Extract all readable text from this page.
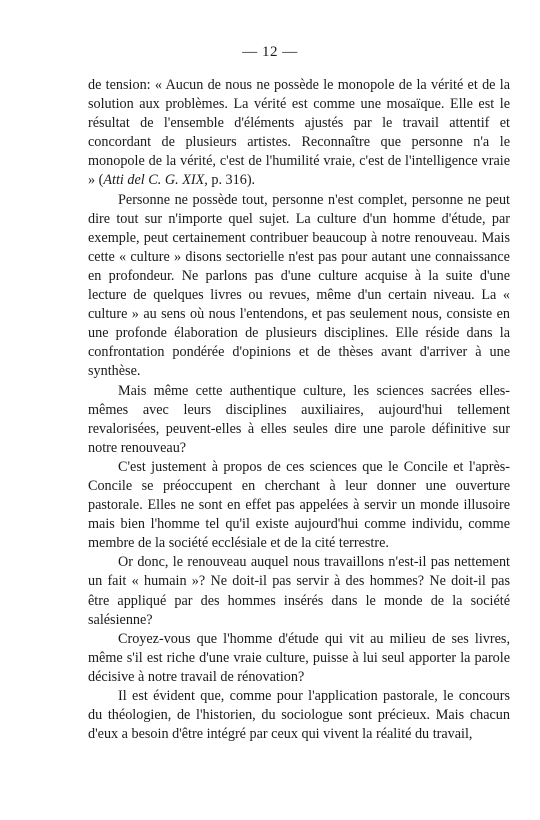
— 12 —

de tension: « Aucun de nous ne possède le monopole de la vérité et de la solution aux problèmes. La vérité est comme une mosaïque. Elle est le résultat de l'ensemble d'éléments ajustés par le travail attentif et concordant de plusieurs artistes. Reconnaître que personne n'a le monopole de la vérité, c'est de l'humilité vraie, c'est de l'intelligence vraie » (Atti del C. G. XIX, p. 316).

Personne ne possède tout, personne n'est complet, personne ne peut dire tout sur n'importe quel sujet. La culture d'un homme d'étude, par exemple, peut certainement contribuer beaucoup à notre renouveau. Mais cette « culture » disons sectorielle n'est pas pour autant une connaissance en profondeur. Ne parlons pas d'une culture acquise à la suite d'une lecture de quelques livres ou revues, même d'un certain niveau. La « culture » au sens où nous l'entendons, et pas seulement nous, consiste en une profonde élaboration de plusieurs disciplines. Elle réside dans la confrontation pondérée d'opinions et de thèses avant d'arriver à une synthèse.

Mais même cette authentique culture, les sciences sacrées elles-mêmes avec leurs disciplines auxiliaires, aujourd'hui tellement revalorisées, peuvent-elles à elles seules dire une parole définitive sur notre renouveau?

C'est justement à propos de ces sciences que le Concile et l'après-Concile se préoccupent en cherchant à leur donner une ouverture pastorale. Elles ne sont en effet pas appelées à servir un monde illusoire mais bien l'homme tel qu'il existe aujourd'hui comme individu, comme membre de la société ecclésiale et de la cité terrestre.

Or donc, le renouveau auquel nous travaillons n'est-il pas nettement un fait « humain »? Ne doit-il pas servir à des hommes? Ne doit-il pas être appliqué par des hommes insérés dans le monde de la société salésienne?

Croyez-vous que l'homme d'étude qui vit au milieu de ses livres, même s'il est riche d'une vraie culture, puisse à lui seul apporter la parole décisive à notre travail de rénovation?

Il est évident que, comme pour l'application pastorale, le concours du théologien, de l'historien, du sociologue sont précieux. Mais chacun d'eux a besoin d'être intégré par ceux qui vivent la réalité du travail,
